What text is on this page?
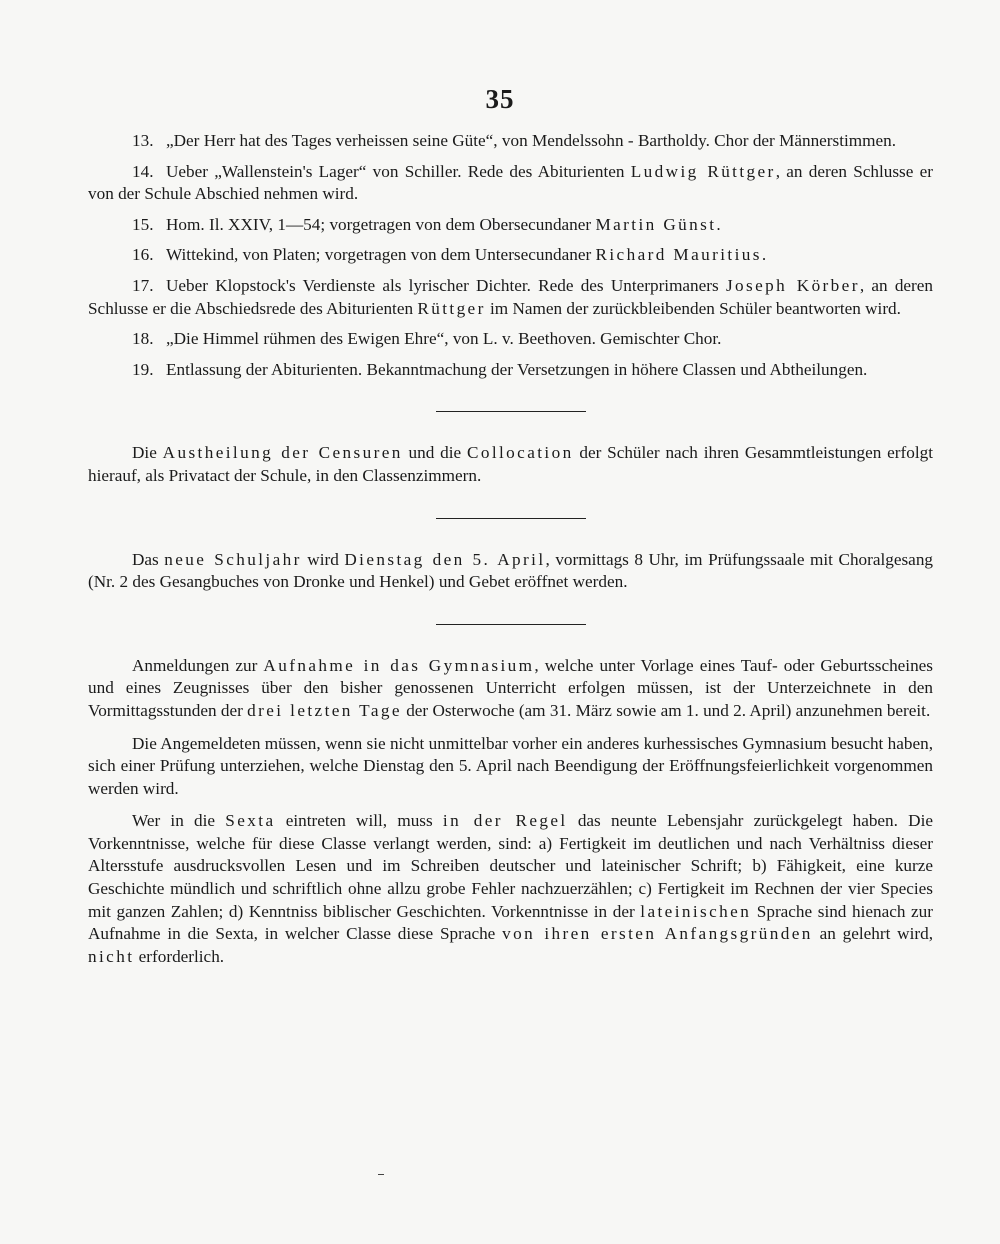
35

13. „Der Herr hat des Tages verheissen seine Güte“, von Mendelssohn - Bartholdy. Chor der Männerstimmen.

14. Ueber „Wallenstein's Lager“ von Schiller. Rede des Abiturienten Ludwig Rüttger, an deren Schlusse er von der Schule Abschied nehmen wird.

15. Hom. Il. XXIV, 1—54; vorgetragen von dem Obersecundaner Martin Günst.

16. Wittekind, von Platen; vorgetragen von dem Untersecundaner Richard Mauritius.

17. Ueber Klopstock's Verdienste als lyrischer Dichter. Rede des Unterprimaners Joseph Körber, an deren Schlusse er die Abschiedsrede des Abiturienten Rüttger im Namen der zurückbleibenden Schüler beantworten wird.

18. „Die Himmel rühmen des Ewigen Ehre“, von L. v. Beethoven. Gemischter Chor.

19. Entlassung der Abiturienten. Bekanntmachung der Versetzungen in höhere Classen und Abtheilungen.

Die Austheilung der Censuren und die Collocation der Schüler nach ihren Gesammtleistungen erfolgt hierauf, als Privatact der Schule, in den Classenzimmern.

Das neue Schuljahr wird Dienstag den 5. April, vormittags 8 Uhr, im Prüfungssaale mit Choralgesang (Nr. 2 des Gesangbuches von Dronke und Henkel) und Gebet eröffnet werden.

Anmeldungen zur Aufnahme in das Gymnasium, welche unter Vorlage eines Tauf- oder Geburtsscheines und eines Zeugnisses über den bisher genossenen Unterricht erfolgen müssen, ist der Unterzeichnete in den Vormittagsstunden der drei letzten Tage der Osterwoche (am 31. März sowie am 1. und 2. April) anzunehmen bereit.

Die Angemeldeten müssen, wenn sie nicht unmittelbar vorher ein anderes kurhessisches Gymnasium besucht haben, sich einer Prüfung unterziehen, welche Dienstag den 5. April nach Beendigung der Eröffnungsfeierlichkeit vorgenommen werden wird.

Wer in die Sexta eintreten will, muss in der Regel das neunte Lebensjahr zurückgelegt haben. Die Vorkenntnisse, welche für diese Classe verlangt werden, sind: a) Fertigkeit im deutlichen und nach Verhältniss dieser Altersstufe ausdrucksvollen Lesen und im Schreiben deutscher und lateinischer Schrift; b) Fähigkeit, eine kurze Geschichte mündlich und schriftlich ohne allzu grobe Fehler nachzuerzählen; c) Fertigkeit im Rechnen der vier Species mit ganzen Zahlen; d) Kenntniss biblischer Geschichten. Vorkenntnisse in der lateinischen Sprache sind hienach zur Aufnahme in die Sexta, in welcher Classe diese Sprache von ihren ersten Anfangsgründen an gelehrt wird, nicht erforderlich.
